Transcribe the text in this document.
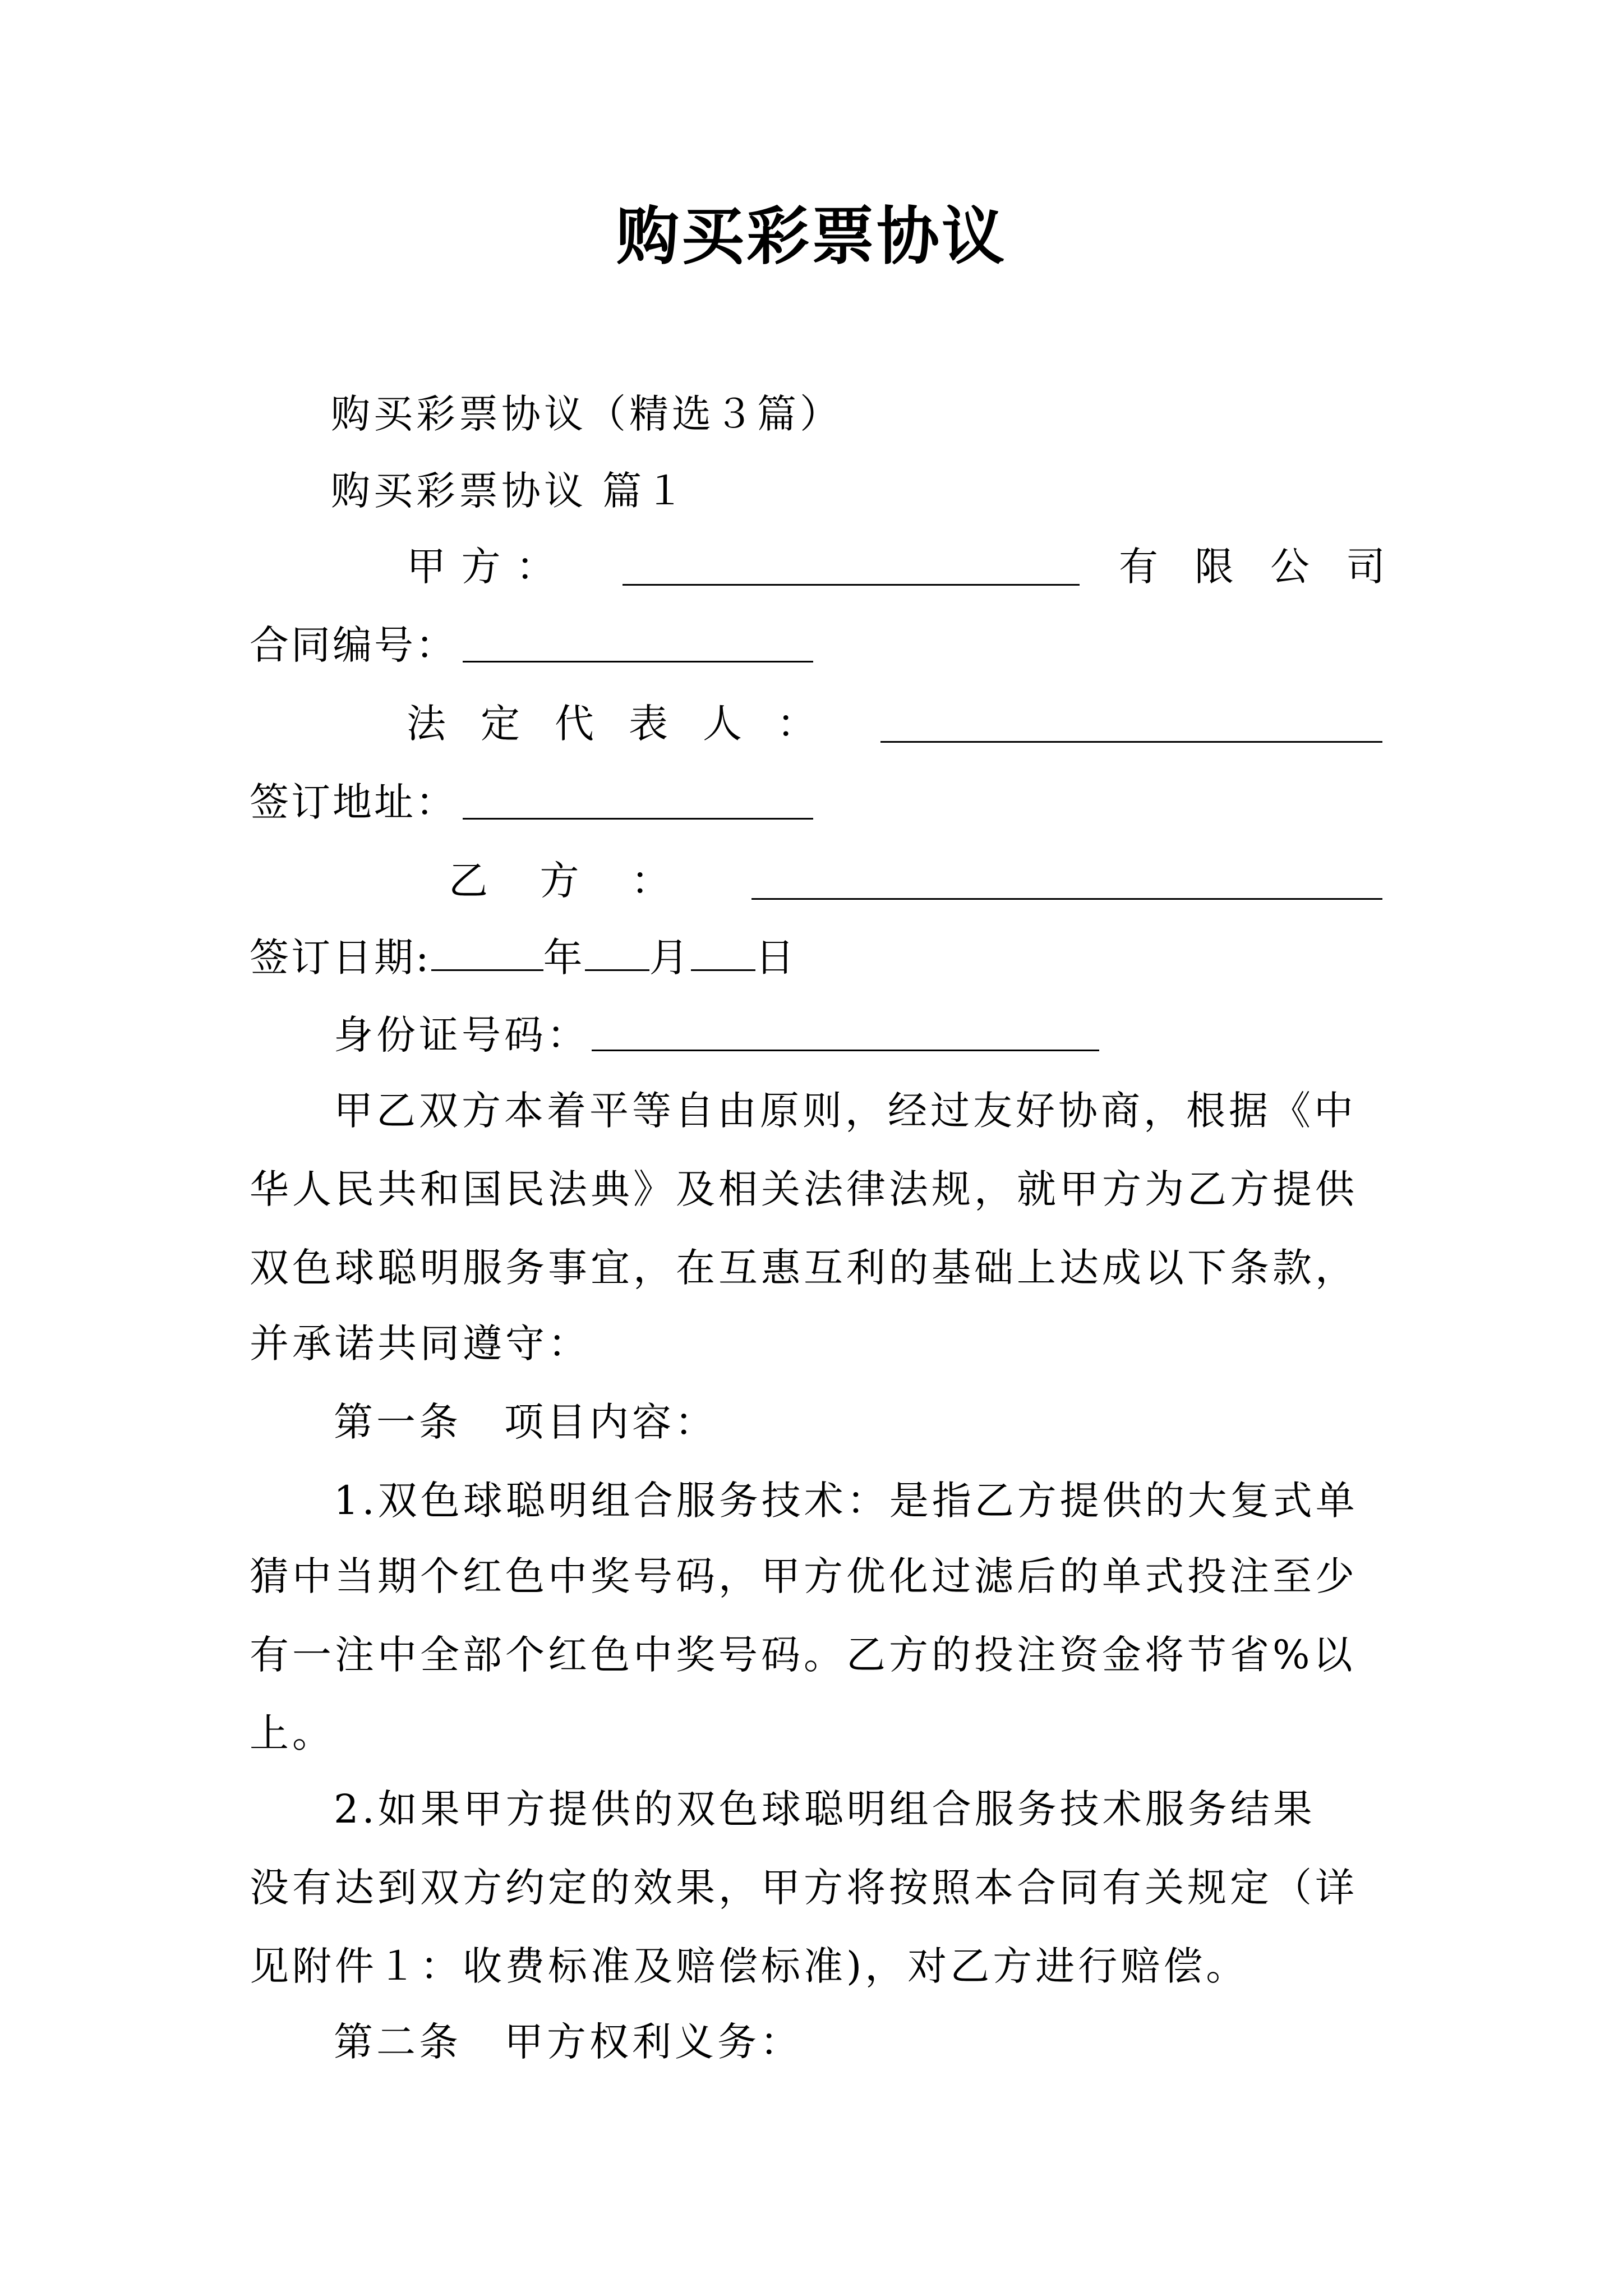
购买彩票协议
购买彩票协议（精选３篇）
购买彩票协议 篇１
甲 方 ：	有 限 公 司
合同编号：
法 定 代 表 人 ：
签订地址：
乙 方 ：
签订日期:	年 月 日
身份证号码：
甲乙双方本着平等自由原则，经过友好协商，根据《中
华人民共和国民法典》及相关法律法规，就甲方为乙方提供
双色球聪明服务事宜，在互惠互利的基础上达成以下条款，
并承诺共同遵守：
第一条　项目内容：
1.双色球聪明组合服务技术：是指乙方提供的大复式单
猜中当期个红色中奖号码，甲方优化过滤后的单式投注至少
有一注中全部个红色中奖号码。乙方的投注资金将节省%以
上。
2.如果甲方提供的双色球聪明组合服务技术服务结果
没有达到双方约定的效果，甲方将按照本合同有关规定（详
见附件１：收费标准及赔偿标准)，对乙方进行赔偿。
第二条　甲方权利义务：
